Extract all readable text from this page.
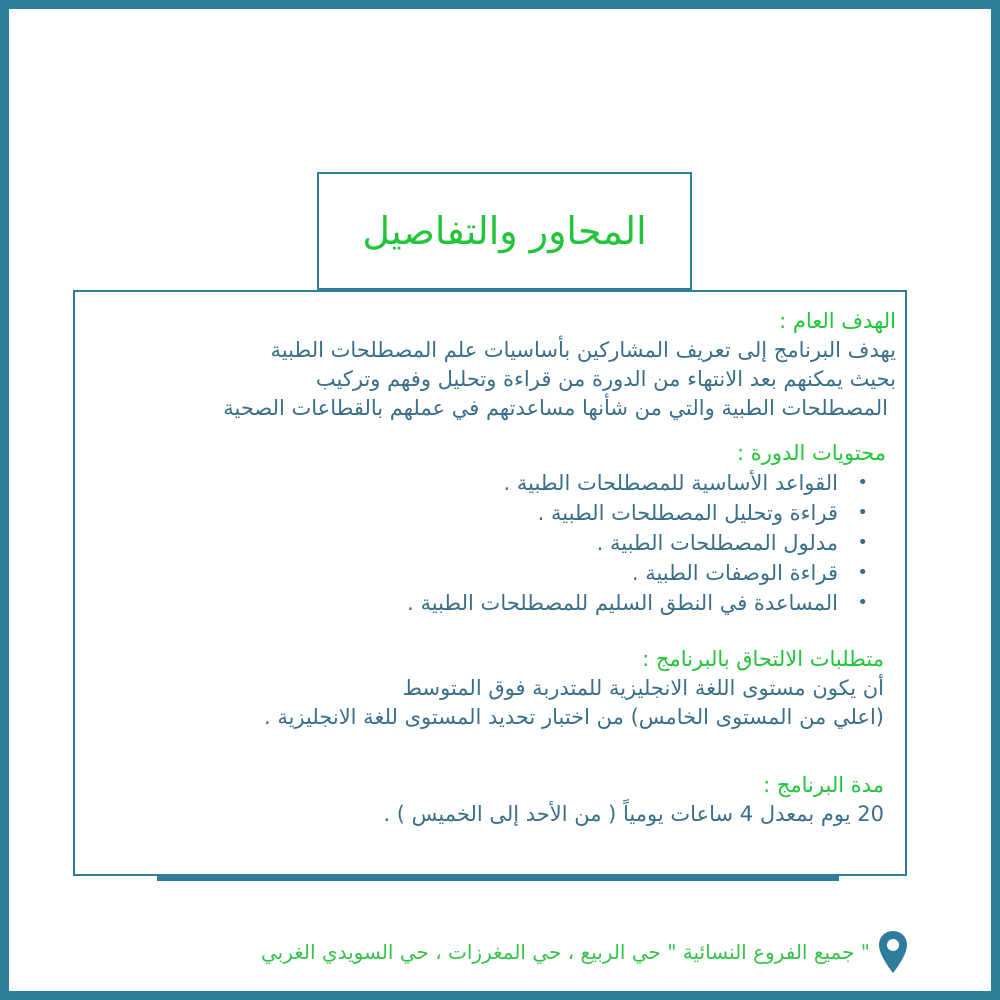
المحاور والتفاصيل
الهدف العام :
يهدف البرنامج إلى تعريف المشاركين بأساسيات علم المصطلحات الطبية
بحيث يمكنهم بعد الانتهاء من الدورة من قراءة وتحليل وفهم وتركيب
المصطلحات الطبية والتي من شأنها مساعدتهم في عملهم بالقطاعات الصحية
محتويات الدورة :
•
القواعد الأساسية للمصطلحات الطبية .
•
قراءة وتحليل المصطلحات الطبية .
•
مدلول المصطلحات الطبية .
•
قراءة الوصفات الطبية .
•
المساعدة في النطق السليم للمصطلحات الطبية .
متطلبات الالتحاق بالبرنامج :
أن يكون مستوى اللغة الانجليزية للمتدربة فوق المتوسط
(اعلي من المستوى الخامس) من اختبار تحديد المستوى للغة الانجليزية .
مدة البرنامج :
20 يوم بمعدل 4 ساعات يومياً ( من الأحد إلى الخميس ) .
" جميع الفروع النسائية " حي الربيع ، حي المغرزات ، حي السويدي الغربي
